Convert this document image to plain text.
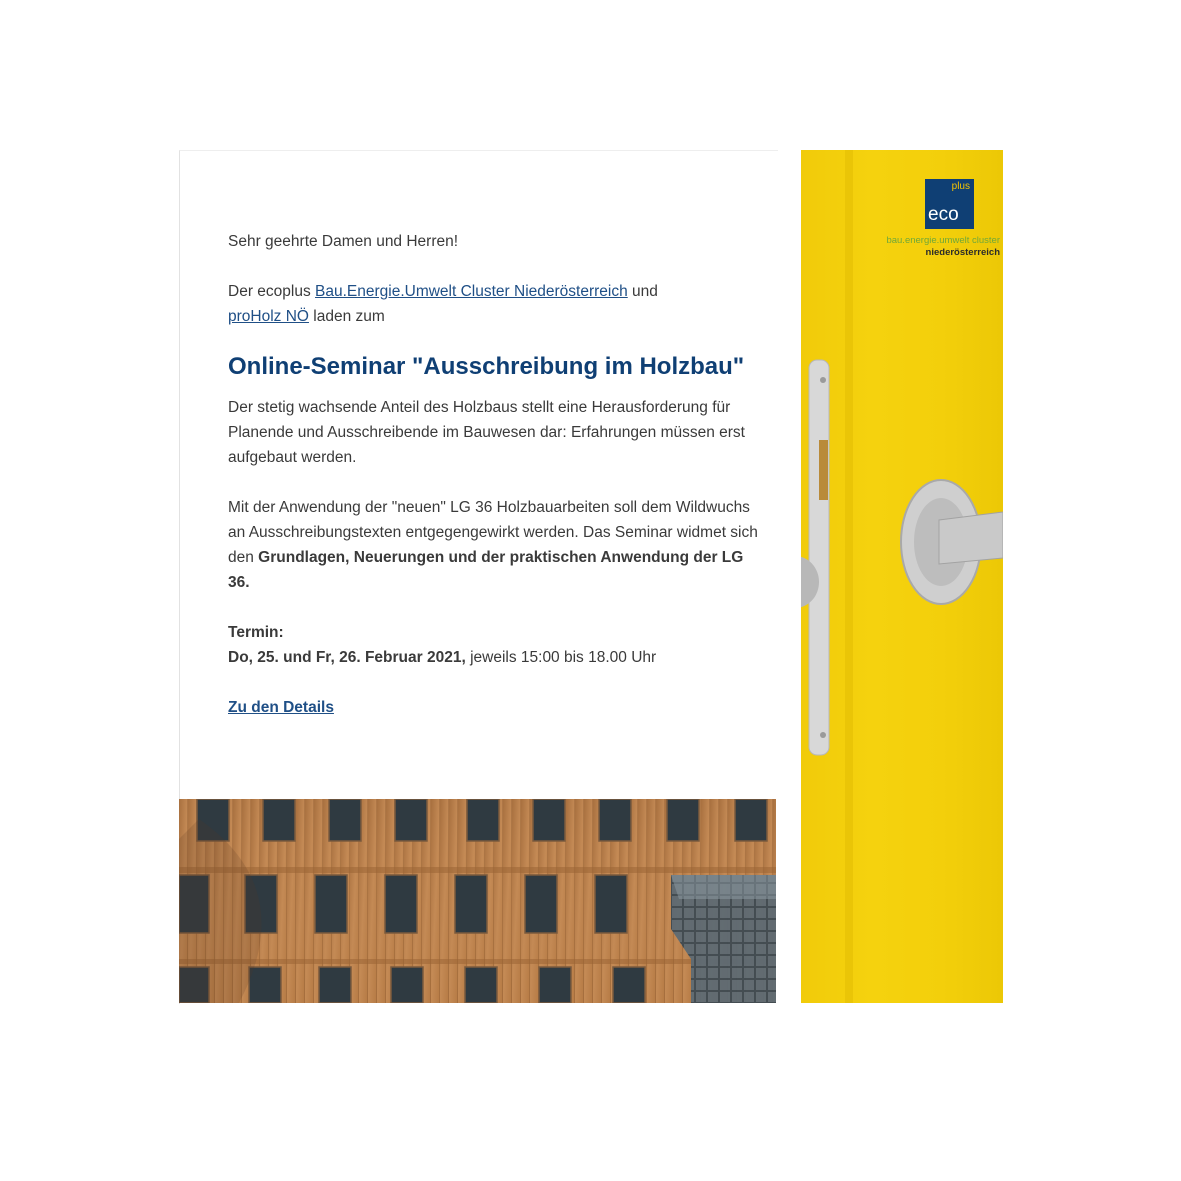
Sehr geehrte Damen und Herren!

Der ecoplus Bau.Energie.Umwelt Cluster Niederösterreich und
proHolz NÖ laden zum

Online-Seminar "Ausschreibung im Holzbau"

Der stetig wachsende Anteil des Holzbaus stellt eine Herausforderung für Planende und Ausschreibende im Bauwesen dar: Erfahrungen müssen erst aufgebaut werden.

Mit der Anwendung der "neuen" LG 36 Holzbauarbeiten soll dem Wildwuchs an Ausschreibungstexten entgegengewirkt werden. Das Seminar widmet sich den Grundlagen, Neuerungen und der praktischen Anwendung der LG 36.

Termin:

Do, 25. und Fr, 26. Februar 2021, jeweils 15:00 bis 18.00 Uhr

Zu den Details

plus
eco
bau.energie.umwelt cluster
niederösterreich
